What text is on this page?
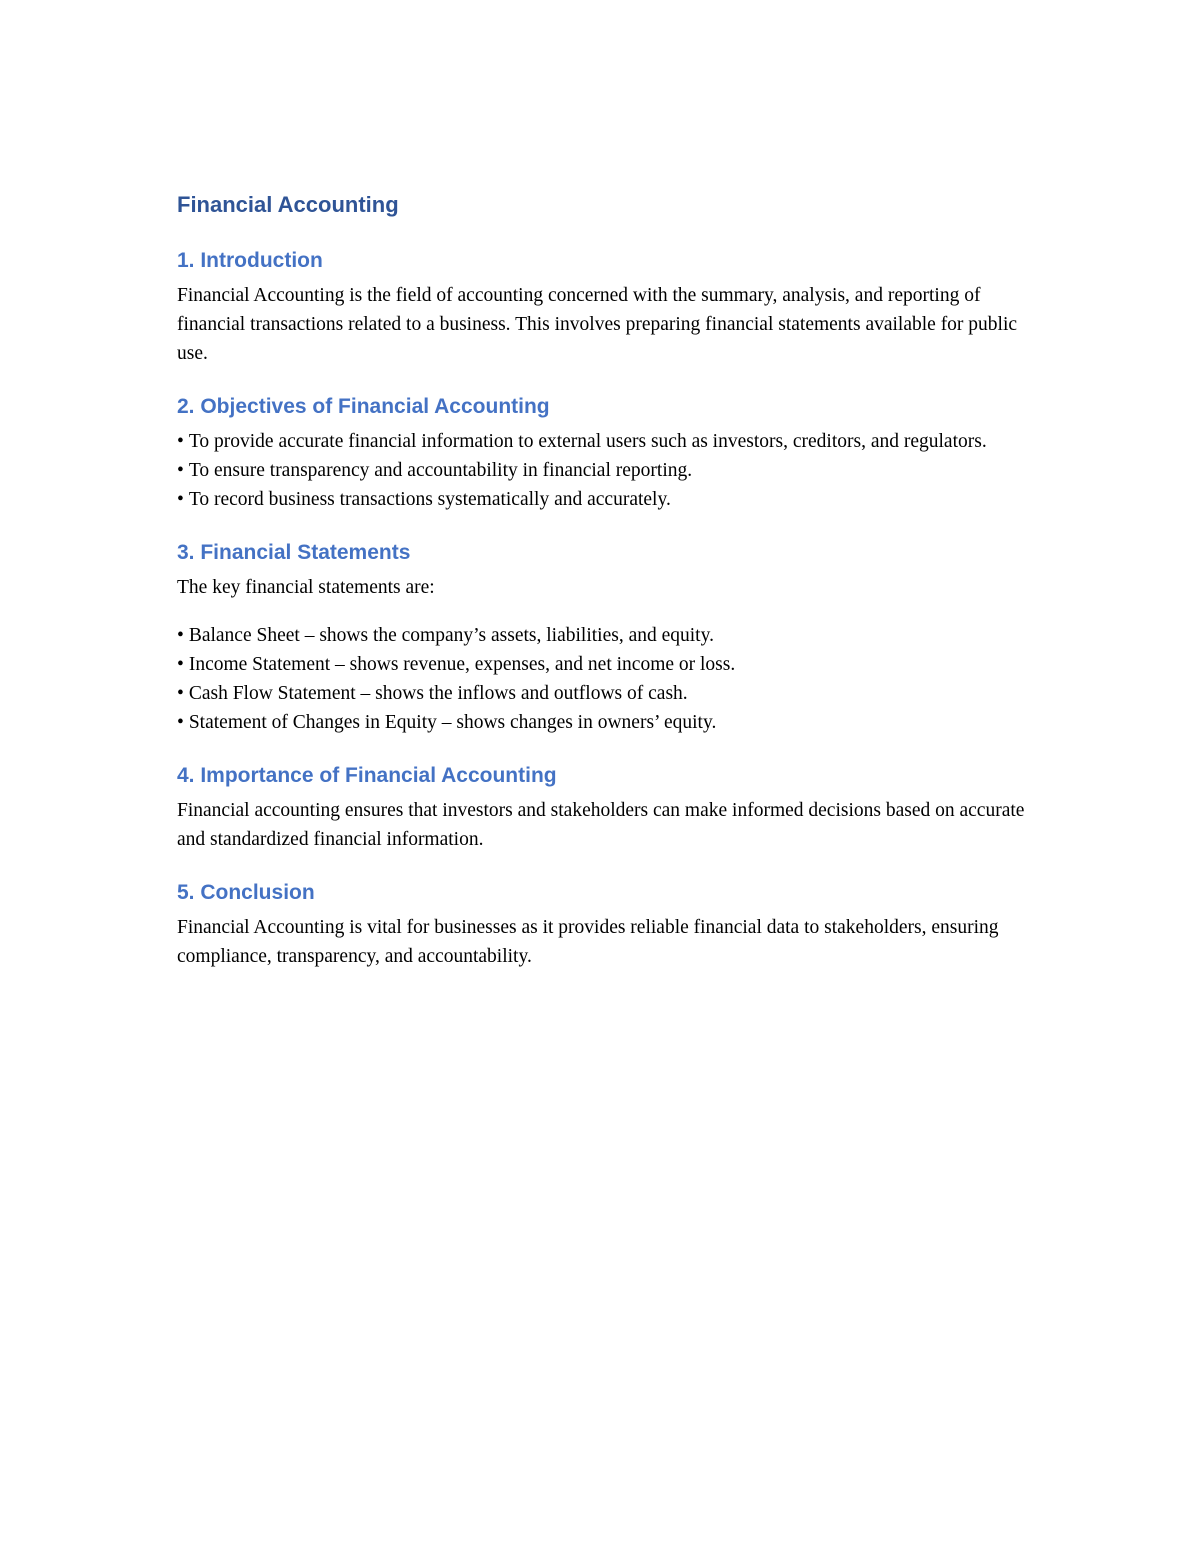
Financial Accounting
1. Introduction

Financial Accounting is the field of accounting concerned with the summary, analysis, and reporting of financial transactions related to a business. This involves preparing financial statements available for public use.

2. Objectives of Financial Accounting
• To provide accurate financial information to external users such as investors, creditors, and regulators.
• To ensure transparency and accountability in financial reporting.
• To record business transactions systematically and accurately.
3. Financial Statements

The key financial statements are:

• Balance Sheet – shows the company’s assets, liabilities, and equity.
• Income Statement – shows revenue, expenses, and net income or loss.
• Cash Flow Statement – shows the inflows and outflows of cash.
• Statement of Changes in Equity – shows changes in owners’ equity.
4. Importance of Financial Accounting

Financial accounting ensures that investors and stakeholders can make informed decisions based on accurate and standardized financial information.

5. Conclusion

Financial Accounting is vital for businesses as it provides reliable financial data to stakeholders, ensuring compliance, transparency, and accountability.
